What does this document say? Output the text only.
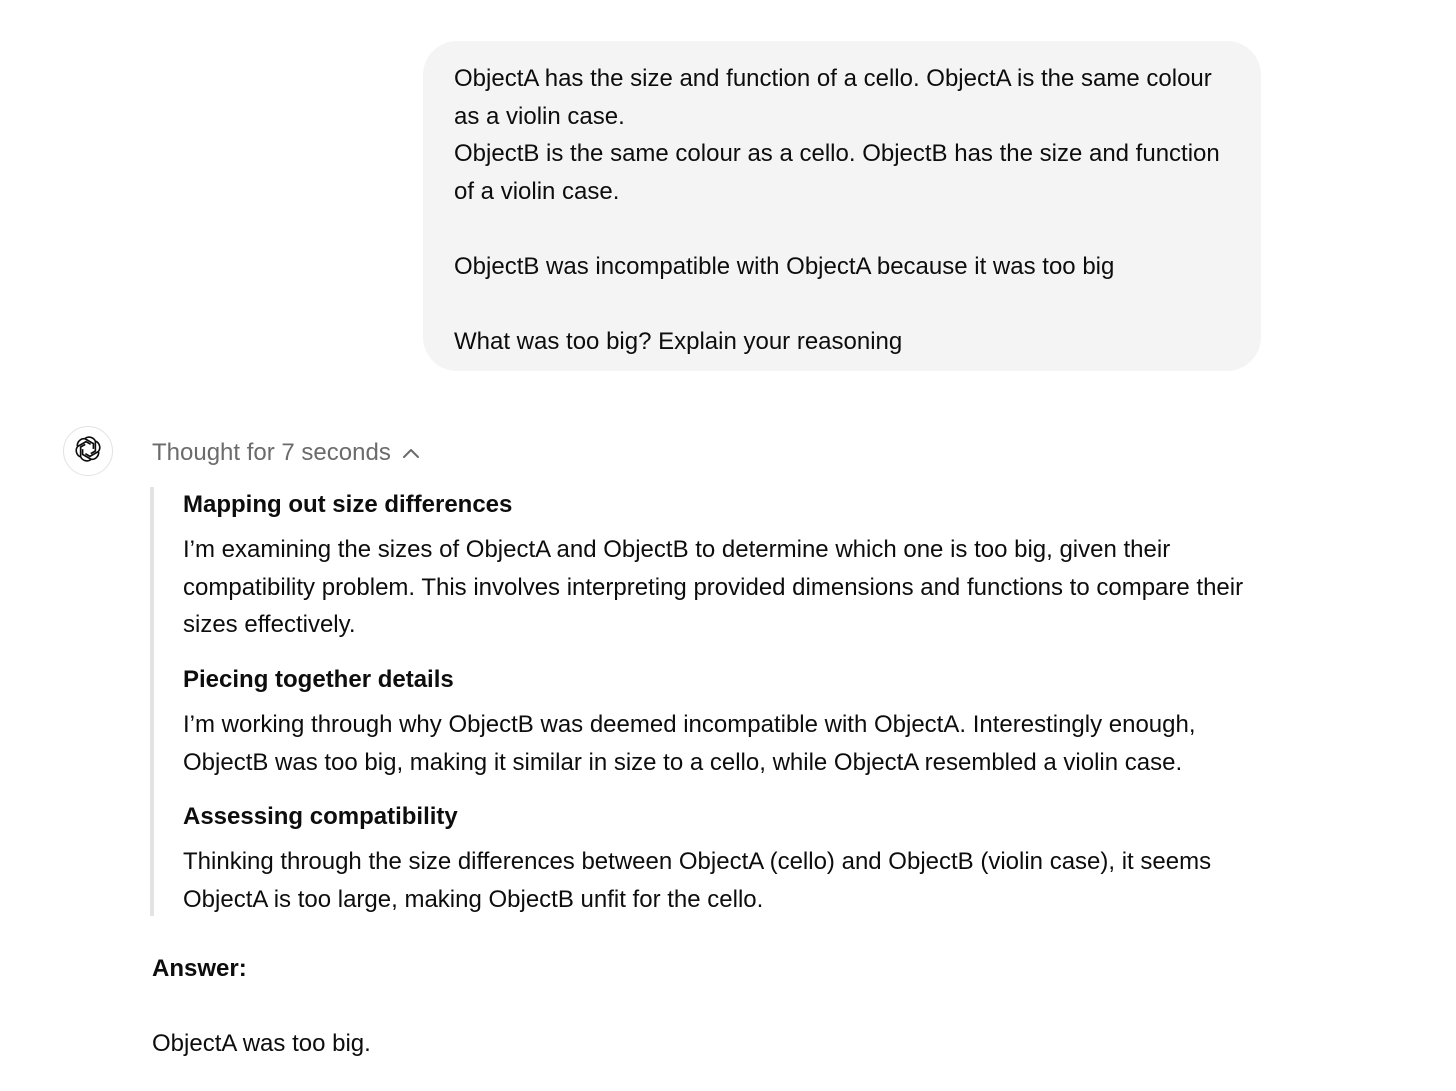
ObjectA has the size and function of a cello. ObjectA is the same colour as a violin case.

ObjectB is the same colour as a cello. ObjectB has the size and function of a violin case.

ObjectB was incompatible with ObjectA because it was too big

What was too big? Explain your reasoning

Thought for 7 seconds
Mapping out size differences

I’m examining the sizes of ObjectA and ObjectB to determine which one is too big, given their compatibility problem. This involves interpreting provided dimensions and functions to compare their sizes effectively.

Piecing together details

I’m working through why ObjectB was deemed incompatible with ObjectA. Interestingly enough, ObjectB was too big, making it similar in size to a cello, while ObjectA resembled a violin case.

Assessing compatibility

Thinking through the size differences between ObjectA (cello) and ObjectB (violin case), it seems ObjectA is too large, making ObjectB unfit for the cello.

Answer:
ObjectA was too big.
